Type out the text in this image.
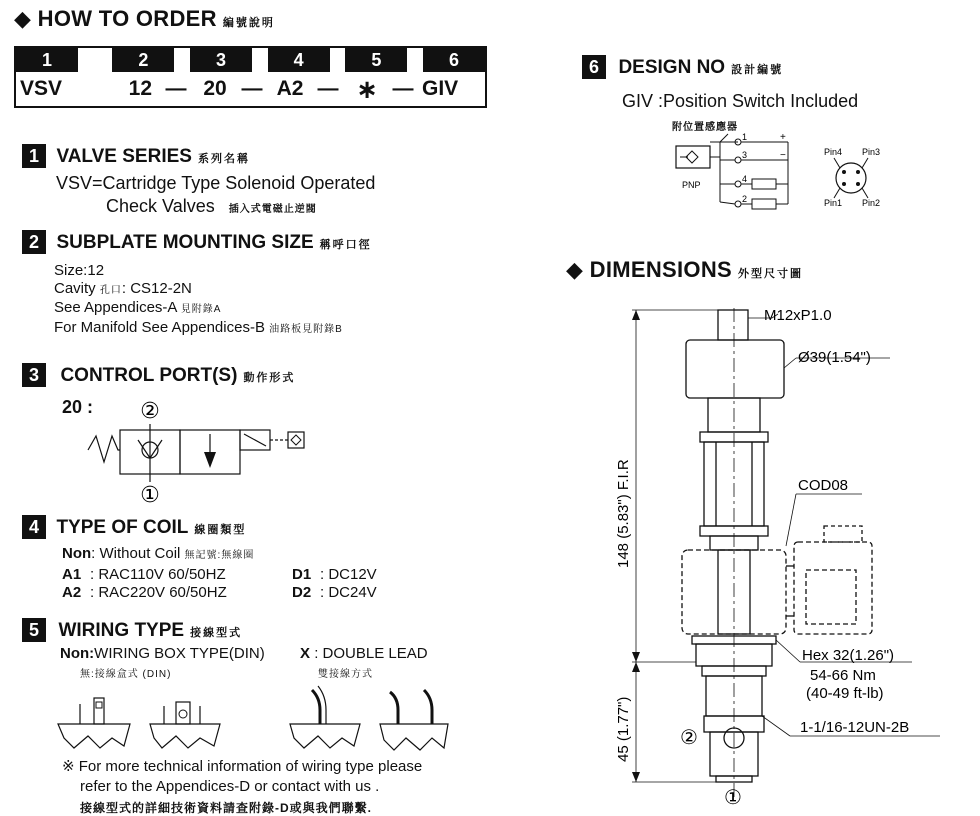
◆ HOW TO ORDER 編號說明
1	2	3	4	5	6
VSV	12 — 20 — A2 — ∗ — GIV
1 VALVE SERIES 系列名稱
VSV=Cartridge Type Solenoid Operated
Check Valves 插入式電磁止逆閥
2 SUBPLATE MOUNTING SIZE 稱呼口徑
Size:12
Cavity 孔口: CS12-2N
See Appendices-A 見附錄A
For Manifold See Appendices-B 油路板見附錄B
3 CONTROL PORT(S) 動作形式
20 : ②
①
4 TYPE OF COIL 線圈類型
Non: Without Coil 無記號:無線圈
A1 : RAC110V 60/50HZ	D1 : DC12V
A2 : RAC220V 60/50HZ	D2 : DC24V
5 WIRING TYPE 接線型式
Non:WIRING BOX TYPE(DIN)
無:接線盒式 (DIN)
X : DOUBLE LEAD
雙接線方式
※ For more technical information of wiring type please
refer to the Appendices-D or contact with us .
接線型式的詳細技術資料請查附錄-D或與我們聯繫.
6 DESIGN NO 設計編號
GIV :Position Switch Included
附位置感應器
PNP
1	+
3	−
4
2
Pin4 Pin3
Pin1 Pin2
◆ DIMENSIONS 外型尺寸圖
M12xP1.0
Ø39(1.54")
COD08
Hex 32(1.26")
54-66 Nm
(40-49 ft-lb)
1-1/16-12UN-2B
148 (5.83") F.I.R
45 (1.77") ②
①
